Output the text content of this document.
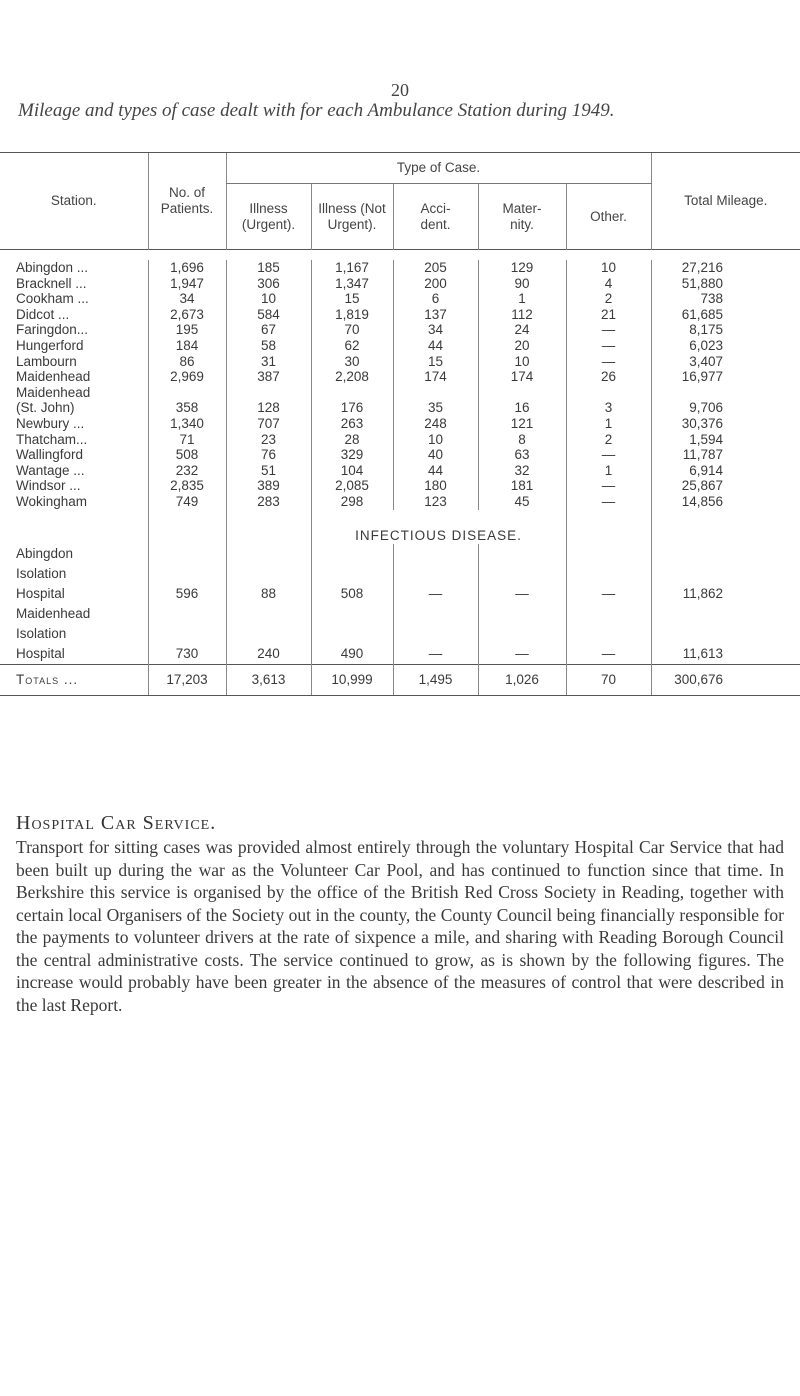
20
Mileage and types of case dealt with for each Ambulance Station during 1949.

Station.	No. of Patients.	Type of Case.					Total Mileage.
		Illness (Urgent).	Illness (Not Urgent).	Acci- dent.	Mater- nity.	Other.	

Abingdon ...	1,696	185	1,167	205	129	10	27,216
Bracknell ...	1,947	306	1,347	200	90	4	51,880
Cookham ...	34	10	15	6	1	2	738
Didcot ...	2,673	584	1,819	137	112	21	61,685
Faringdon...	195	67	70	34	24	—	8,175
Hungerford	184	58	62	44	20	—	6,023
Lambourn	86	31	30	15	10	—	3,407
Maidenhead	2,969	387	2,208	174	174	26	16,977
Maidenhead							
(St. John)	358	128	176	35	16	3	9,706
Newbury ...	1,340	707	263	248	121	1	30,376
Thatcham...	71	23	28	10	8	2	1,594
Wallingford	508	76	329	40	63	—	11,787
Wantage ...	232	51	104	44	32	1	6,914
Windsor ...	2,835	389	2,085	180	181	—	25,867
Wokingham	749	283	298	123	45	—	14,856
			INFECTIOUS DISEASE.				
Abingdon							
Isolation							
Hospital	596	88	508	—	—	—	11,862
Maidenhead							
Isolation							
Hospital	730	240	490	—	—	—	11,613
Totals ...	17,203	3,613	10,999	1,495	1,026	70	300,676
Hospital Car Service.
Transport for sitting cases was provided almost entirely through the voluntary Hospital Car Service that had been built up during the war as the Volunteer Car Pool, and has continued to function since that time. In Berkshire this service is organised by the office of the British Red Cross Society in Reading, together with certain local Organisers of the Society out in the county, the County Council being financially responsible for the payments to volunteer drivers at the rate of sixpence a mile, and sharing with Reading Borough Council the central administrative costs. The service continued to grow, as is shown by the following figures. The increase would probably have been greater in the absence of the measures of control that were described in the last Report.
